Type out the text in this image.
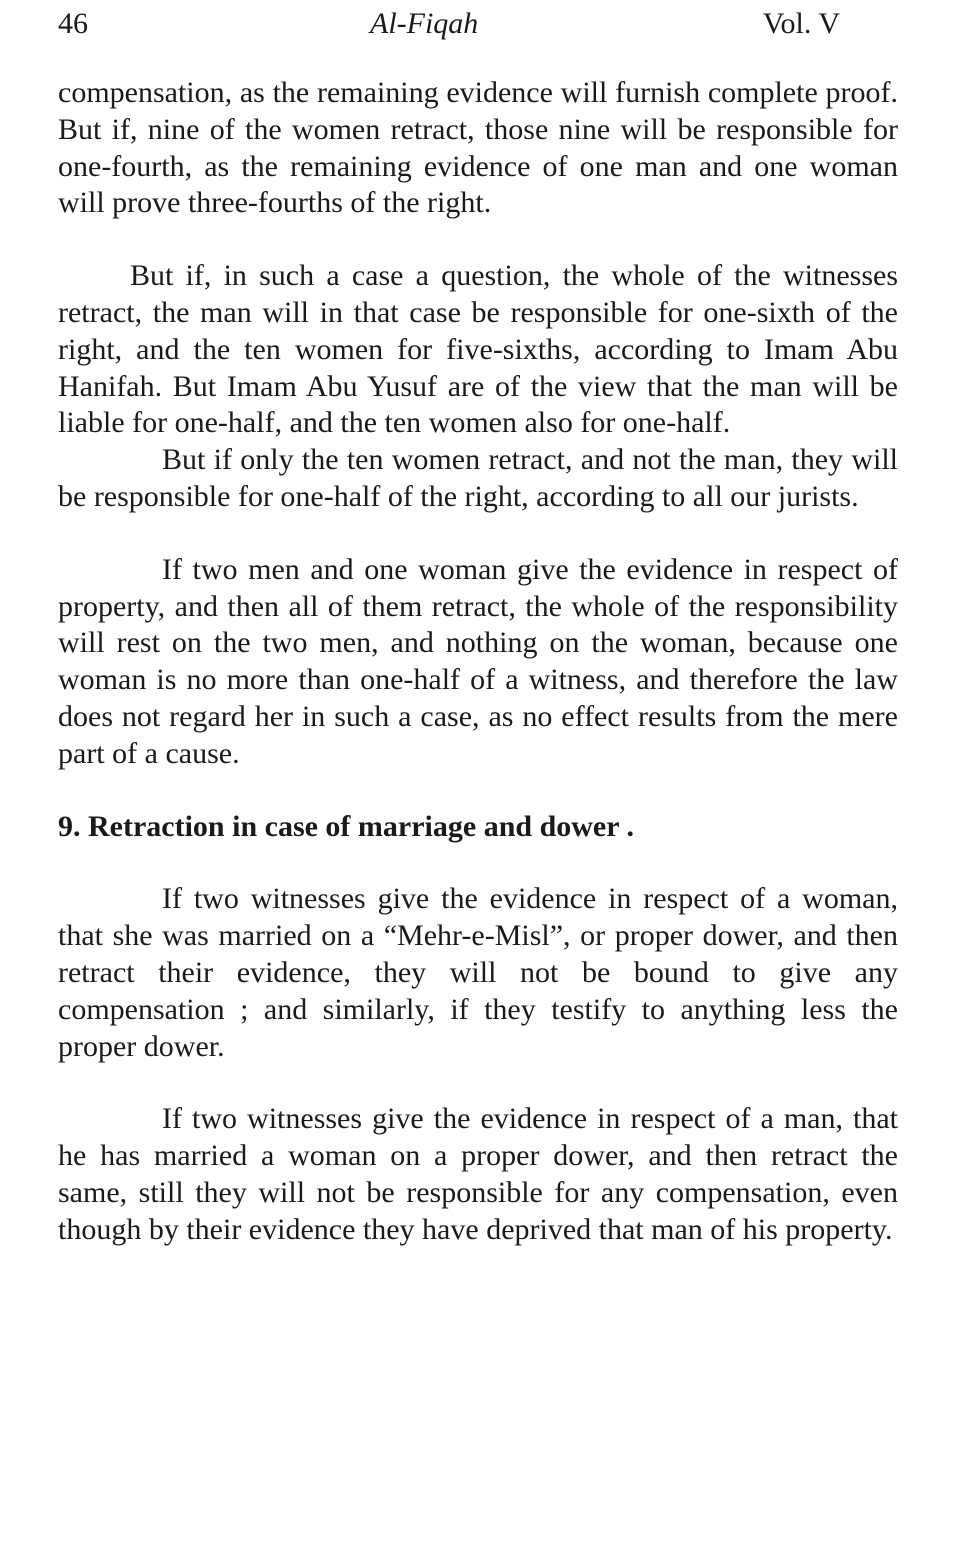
46	Al-Fiqah	Vol. V

compensation, as the remaining evidence will furnish complete proof. But if, nine of the women retract, those nine will be responsible for one-fourth, as the remaining evidence of one man and one woman will prove three-fourths of the right.

But if, in such a case a question, the whole of the witnesses retract, the man will in that case be responsible for one-sixth of the right, and the ten women for five-sixths, according to Imam Abu Hanifah. But Imam Abu Yusuf are of the view that the man will be liable for one-half, and the ten women also for one-half.

But if only the ten women retract, and not the man, they will be responsible for one-half of the right, according to all our jurists.

If two men and one woman give the evidence in respect of property, and then all of them retract, the whole of the responsibility will rest on the two men, and nothing on the woman, because one woman is no more than one-half of a witness, and therefore the law does not regard her in such a case, as no effect results from the mere part of a cause.

9. Retraction in case of marriage and dower .

If two witnesses give the evidence in respect of a woman, that she was married on a “Mehr-e-Misl”, or proper dower, and then retract their evidence, they will not be bound to give any compensation ; and similarly, if they testify to anything less the proper dower.

If two witnesses give the evidence in respect of a man, that he has married a woman on a proper dower, and then retract the same, still they will not be responsible for any compensation, even though by their evidence they have deprived that man of his property.
